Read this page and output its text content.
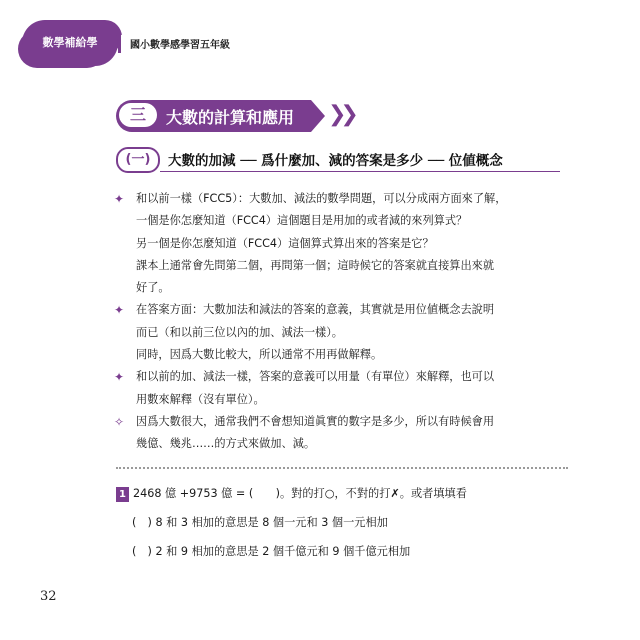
數學補給學	國小數學感學習五年級
三	大數的計算和應用 ❯❯
(一)	大數的加減 ── 爲什麼加、減的答案是多少 ── 位値概念
✦ 和以前一樣（FCC5）：大數加、減法的數學問題，可以分成兩方面來了解，
一個是你怎麼知道（FCC4）這個題目是用加的或者減的來列算式？
另一個是你怎麼知道（FCC4）這個算式算出來的答案是它？
課本上通常會先問第二個，再問第一個；這時候它的答案就直接算出來就
好了。
✦ 在答案方面：大數加法和減法的答案的意義，其實就是用位値概念去說明
而已（和以前三位以內的加、減法一樣）。
同時，因爲大數比較大，所以通常不用再做解釋。
✦ 和以前的加、減法一樣，答案的意義可以用量（有單位）來解釋，也可以
用數來解釋（沒有單位）。
✧ 因爲大數很大，通常我們不會想知道眞實的數字是多少，所以有時候會用
幾億、幾兆……的方式來做加、減。
1 2468 億 +9753 億 = (　　)。對的打○，不對的打✗。或者填填看
(　) 8 和 3 相加的意思是 8 個一元和 3 個一元相加
(　) 2 和 9 相加的意思是 2 個千億元和 9 個千億元相加
32
